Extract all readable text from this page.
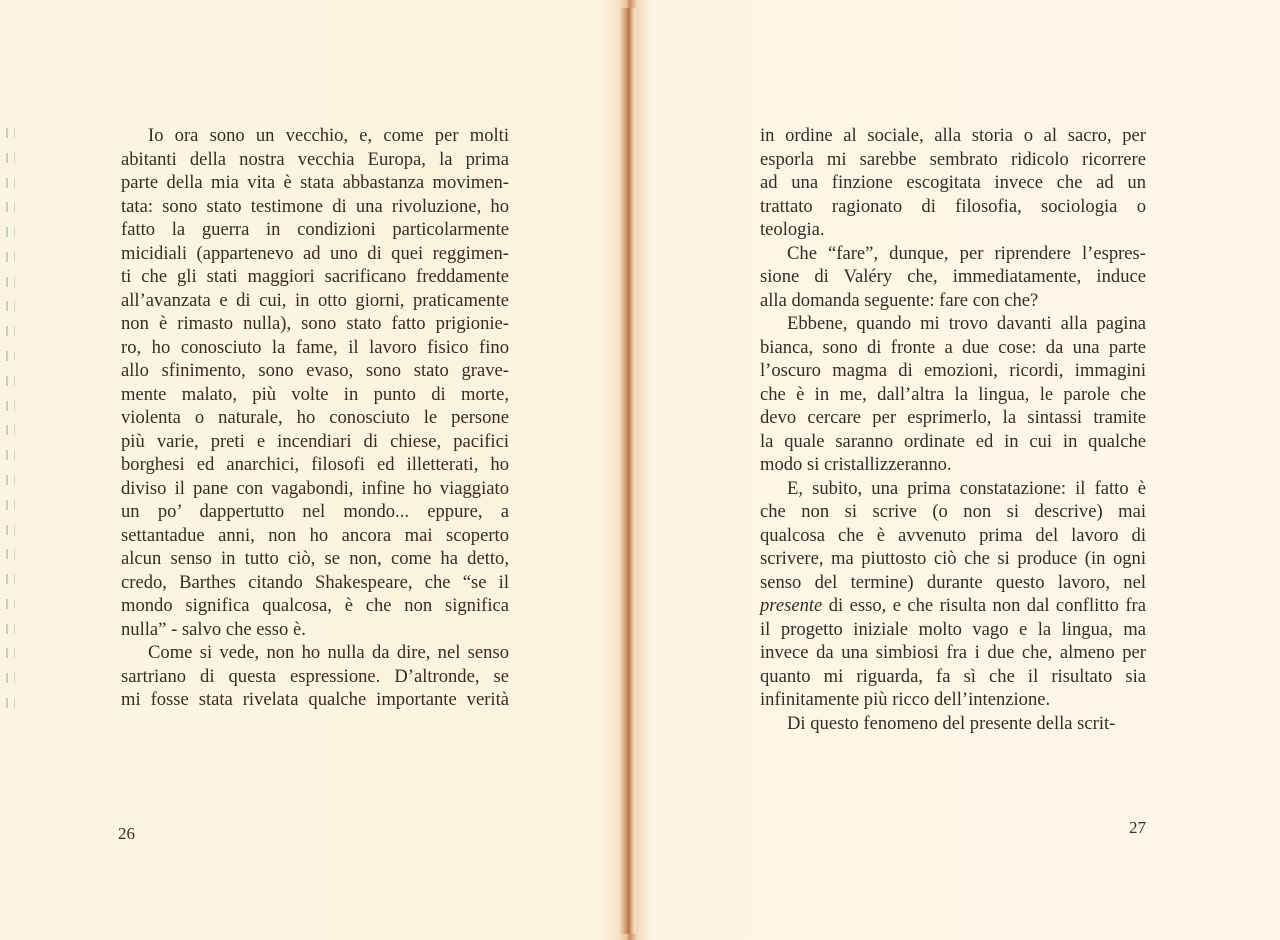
Io ora sono un vecchio, e, come per molti
abitanti della nostra vecchia Europa, la prima
parte della mia vita è stata abbastanza movimen-
tata: sono stato testimone di una rivoluzione, ho
fatto la guerra in condizioni particolarmente
micidiali (appartenevo ad uno di quei reggimen-
ti che gli stati maggiori sacrificano freddamente
all’avanzata e di cui, in otto giorni, praticamente
non è rimasto nulla), sono stato fatto prigionie-
ro, ho conosciuto la fame, il lavoro fisico fino
allo sfinimento, sono evaso, sono stato grave-
mente malato, più volte in punto di morte,
violenta o naturale, ho conosciuto le persone
più varie, preti e incendiari di chiese, pacifici
borghesi ed anarchici, filosofi ed illetterati, ho
diviso il pane con vagabondi, infine ho viaggiato
un po’ dappertutto nel mondo... eppure, a
settantadue anni, non ho ancora mai scoperto
alcun senso in tutto ciò, se non, come ha detto,
credo, Barthes citando Shakespeare, che “se il
mondo significa qualcosa, è che non significa
nulla” - salvo che esso è.
Come si vede, non ho nulla da dire, nel senso
sartriano di questa espressione. D’altronde, se
mi fosse stata rivelata qualche importante verità
26
in ordine al sociale, alla storia o al sacro, per
esporla mi sarebbe sembrato ridicolo ricorrere
ad una finzione escogitata invece che ad un
trattato ragionato di filosofia, sociologia o
teologia.
Che “fare”, dunque, per riprendere l’espres-
sione di Valéry che, immediatamente, induce
alla domanda seguente: fare con che?
Ebbene, quando mi trovo davanti alla pagina
bianca, sono di fronte a due cose: da una parte
l’oscuro magma di emozioni, ricordi, immagini
che è in me, dall’altra la lingua, le parole che
devo cercare per esprimerlo, la sintassi tramite
la quale saranno ordinate ed in cui in qualche
modo si cristallizzeranno.
E, subito, una prima constatazione: il fatto è
che non si scrive (o non si descrive) mai
qualcosa che è avvenuto prima del lavoro di
scrivere, ma piuttosto ciò che si produce (in ogni
senso del termine) durante questo lavoro, nel
presente di esso, e che risulta non dal conflitto fra
il progetto iniziale molto vago e la lingua, ma
invece da una simbiosi fra i due che, almeno per
quanto mi riguarda, fa sì che il risultato sia
infinitamente più ricco dell’intenzione.
Di questo fenomeno del presente della scrit-
27
